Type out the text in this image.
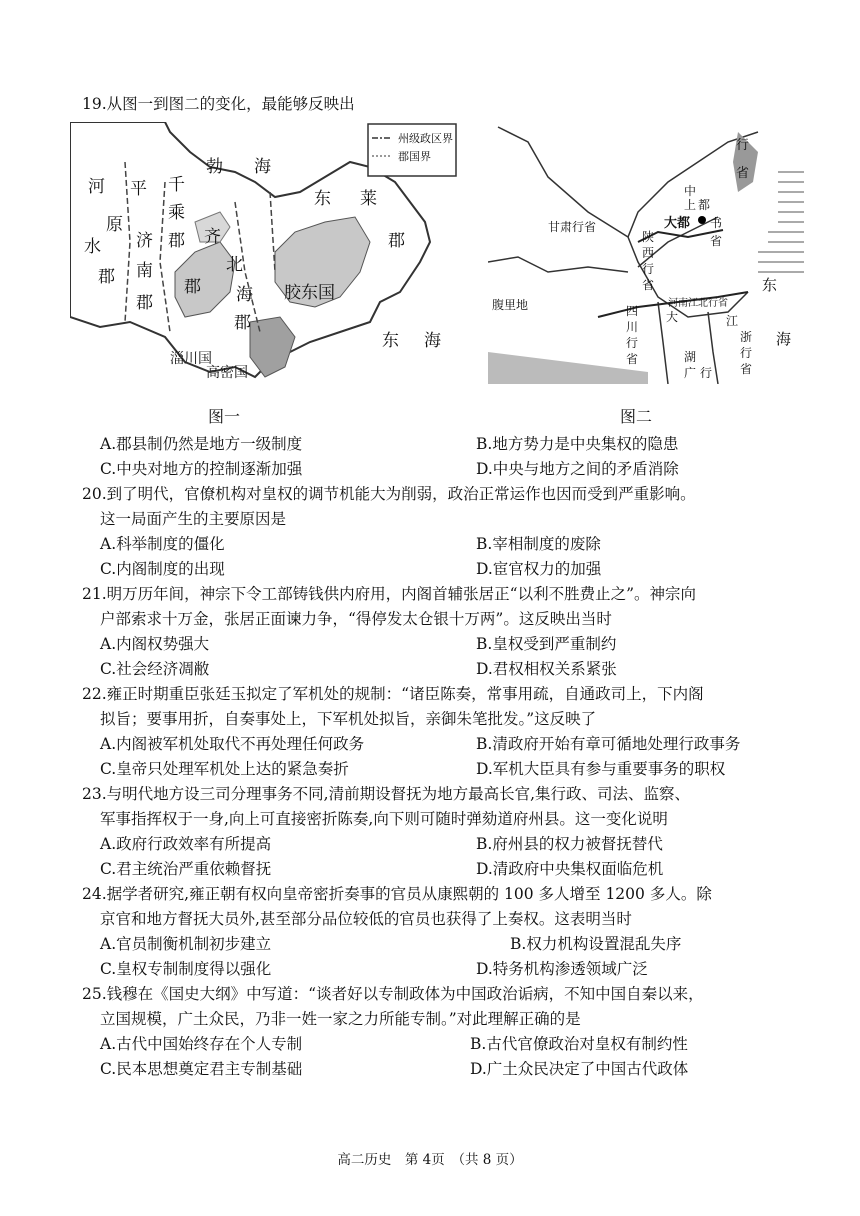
19.从图一到图二的变化，最能够反映出
州级政区界
郡国界
勃 海
东 莱
郡
河 平 千
乘
郡
原
济
水
南
齐
郡
郡	郡
北
海 胶东国
郡
东 海
淄川国
高密国
行
省
中
上 都
大都 书
省
甘肃行省
陕
西
行
省
河南江北行省
四
川
行
省
江
浙
行
省
东
海
腹里地
湖
广 行
大
图一	图二
A.郡县制仍然是地方一级制度	B.地方势力是中央集权的隐患
C.中央对地方的控制逐渐加强	D.中央与地方之间的矛盾消除
20.到了明代，官僚机构对皇权的调节机能大为削弱，政治正常运作也因而受到严重影响。
这一局面产生的主要原因是
A.科举制度的僵化	B.宰相制度的废除
C.内阁制度的出现	D.宦官权力的加强
21.明万历年间，神宗下令工部铸钱供内府用，内阁首辅张居正“以利不胜费止之”。神宗向
户部索求十万金，张居正面谏力争，“得停发太仓银十万两”。这反映出当时
A.内阁权势强大	B.皇权受到严重制约
C.社会经济凋敝	D.君权相权关系紧张
22.雍正时期重臣张廷玉拟定了军机处的规制：“诸臣陈奏，常事用疏，自通政司上，下内阁
拟旨；要事用折，自奏事处上，下军机处拟旨，亲御朱笔批发。”这反映了
A.内阁被军机处取代不再处理任何政务	B.清政府开始有章可循地处理行政事务
C.皇帝只处理军机处上达的紧急奏折	D.军机大臣具有参与重要事务的职权
23.与明代地方设三司分理事务不同,清前期设督抚为地方最高长官,集行政、司法、监察、
军事指挥权于一身,向上可直接密折陈奏,向下则可随时弹劾道府州县。这一变化说明
A.政府行政效率有所提高	B.府州县的权力被督抚替代
C.君主统治严重依赖督抚	D.清政府中央集权面临危机
24.据学者研究,雍正朝有权向皇帝密折奏事的官员从康熙朝的 100 多人增至 1200 多人。除
京官和地方督抚大员外,甚至部分品位较低的官员也获得了上奏权。这表明当时
A.官员制衡机制初步建立	B.权力机构设置混乱失序
C.皇权专制制度得以强化	D.特务机构渗透领域广泛
25.钱穆在《国史大纲》中写道：“谈者好以专制政体为中国政治诟病，不知中国自秦以来，
立国规模，广土众民，乃非一姓一家之力所能专制。”对此理解正确的是
A.古代中国始终存在个人专制	B.古代官僚政治对皇权有制约性
C.民本思想奠定君主专制基础	D.广土众民决定了中国古代政体
高二历史　第 4页　（共 8 页）
